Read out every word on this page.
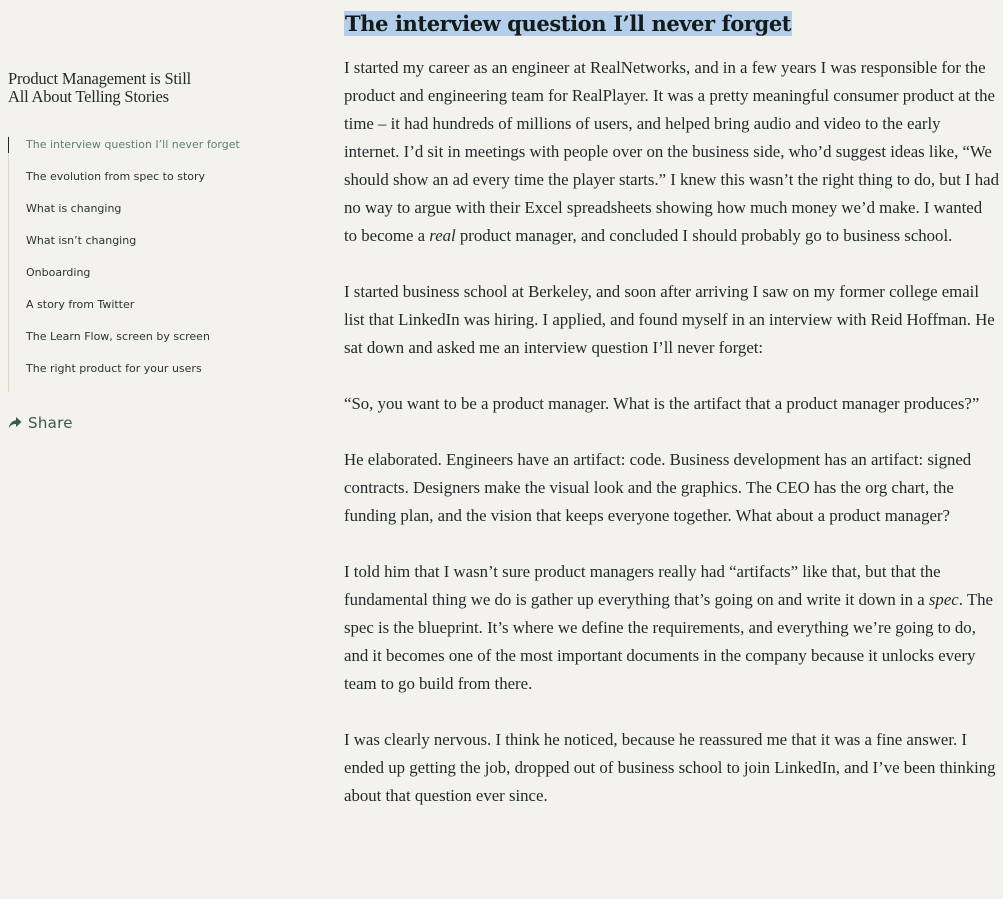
Product Management is Still
All About Telling Stories
The interview question I’ll never forget
The evolution from spec to story
What is changing
What isn’t changing
Onboarding
A story from Twitter
The Learn Flow, screen by screen
The right product for your users
Share
The interview question I’ll never forget

I started my career as an engineer at RealNetworks, and in a few years I was responsible for the product and engineering team for RealPlayer. It was a pretty meaningful consumer product at the time – it had hundreds of millions of users, and helped bring audio and video to the early internet. I’d sit in meetings with people over on the business side, who’d suggest ideas like, “We should show an ad every time the player starts.” I knew this wasn’t the right thing to do, but I had no way to argue with their Excel spreadsheets showing how much money we’d make. I wanted to become a real product manager, and concluded I should probably go to business school.

I started business school at Berkeley, and soon after arriving I saw on my former college email list that LinkedIn was hiring. I applied, and found myself in an interview with Reid Hoffman. He sat down and asked me an interview question I’ll never forget:

“So, you want to be a product manager. What is the artifact that a product manager produces?”

He elaborated. Engineers have an artifact: code. Business development has an artifact: signed contracts. Designers make the visual look and the graphics. The CEO has the org chart, the funding plan, and the vision that keeps everyone together. What about a product manager?

I told him that I wasn’t sure product managers really had “artifacts” like that, but that the fundamental thing we do is gather up everything that’s going on and write it down in a spec. The spec is the blueprint. It’s where we define the requirements, and everything we’re going to do, and it becomes one of the most important documents in the company because it unlocks every team to go build from there.

I was clearly nervous. I think he noticed, because he reassured me that it was a fine answer. I ended up getting the job, dropped out of business school to join LinkedIn, and I’ve been thinking about that question ever since.
